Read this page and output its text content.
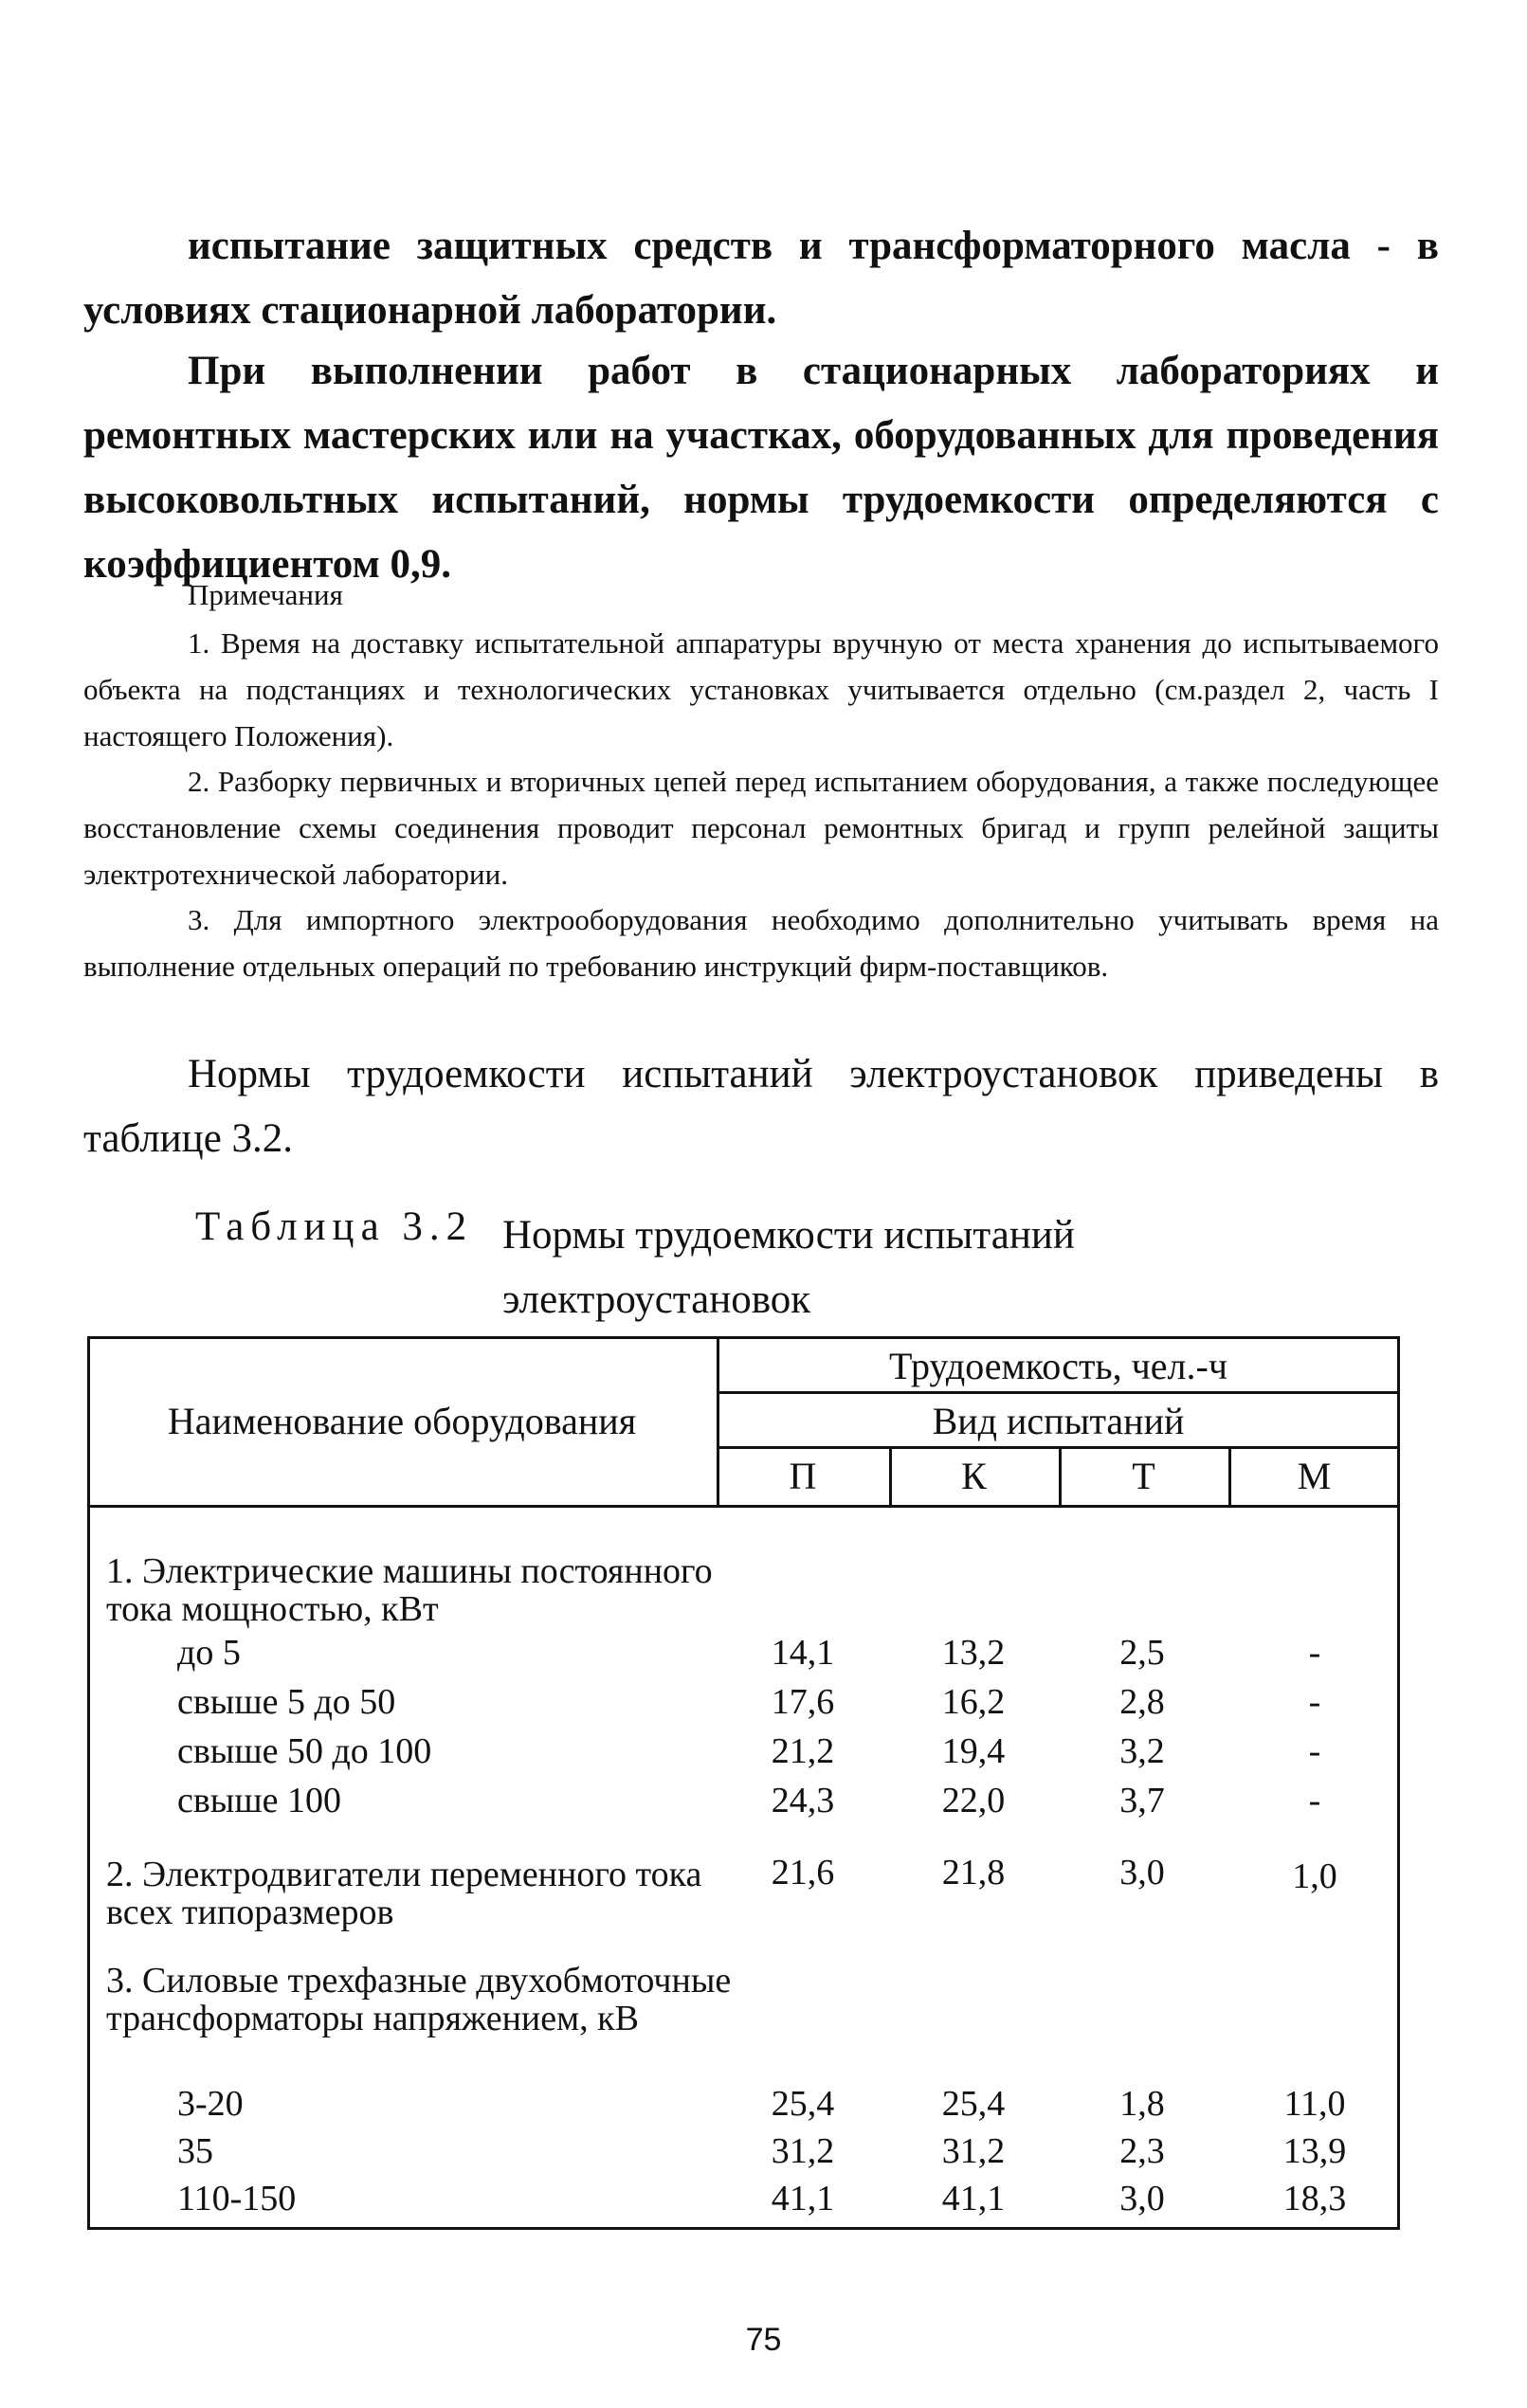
испытание защитных средств и трансформаторного масла - в условиях стационарной лаборатории.
При выполнении работ в стационарных лабораториях и ремонтных мастерских или на участках, оборудованных для проведения высоковольтных испытаний, нормы трудоемкости определяются с коэффициентом 0,9.
Примечания
1. Время на доставку испытательной аппаратуры вручную от места хранения до испытываемого объекта на подстанциях и технологических установках учитывается отдельно (см.раздел 2, часть I настоящего Положения).
2. Разборку первичных и вторичных цепей перед испытанием оборудования, а также последующее восстановление схемы соединения проводит персонал ремонтных бригад и групп релейной защиты электротехнической лаборатории.
3. Для импортного электрооборудования необходимо дополнительно учитывать время на выполнение отдельных операций по требованию инструкций фирм-поставщиков.
Нормы трудоемкости испытаний электроустановок приведены в таблице 3.2.
Таблица 3.2 Нормы трудоемкости испытаний электроустановок
Наименование оборудования
Трудоемкость, чел.-ч
Вид испытаний
П	К	Т	М
1. Электрические машины постоянного тока мощностью, кВт
до 5	14,1	13,2	2,5	-
свыше 5 до 50	17,6	16,2	2,8	-
свыше 50 до 100	21,2	19,4	3,2	-
свыше 100	24,3	22,0	3,7	-
2. Электродвигатели переменного тока всех типоразмеров
21,6	21,8	3,0	1,0
3. Силовые трехфазные двухобмоточные трансформаторы напряжением, кВ
3-20	25,4	25,4	1,8	11,0
35	31,2	31,2	2,3	13,9
110-150	41,1	41,1	3,0	18,3
75
